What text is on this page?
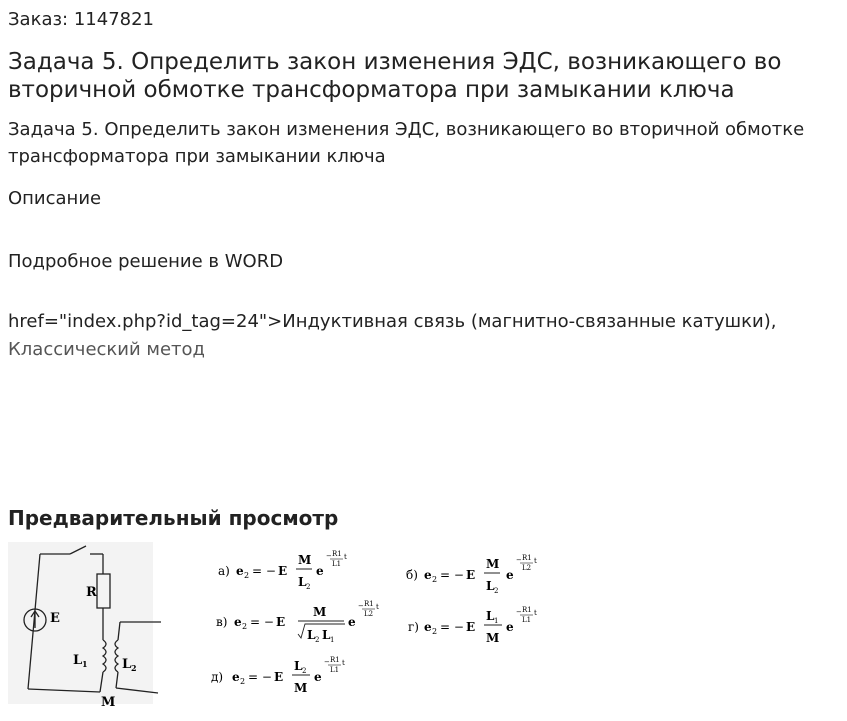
Заказ: 1147821
Задача 5. Определить закон изменения ЭДС, возникающего во вторичной обмотке трансформатора при замыкании ключа
Задача 5. Определить закон изменения ЭДС, возникающего во вторичной обмотке трансформатора при замыкании ключа
Описание
Подробное решение в WORD
href="index.php?id_tag=24">Индуктивная связь (магнитно-связанные катушки),
Классический метод
Предварительный просмотр
E
R
L 1	L 2
M
а) e 2 = − E
M
L 2
e
− R1
L1
t
б) e 2 = − E
M
L 2
e
− R1
L2
t
в) e 2 = − E
M
L 2 L 1
e
− R1
L2
t
г) e 2 = − E
L 1
M
e
− R1
L1
t
д) e 2 = − E
L 2
M
e
− R1
L1
t
